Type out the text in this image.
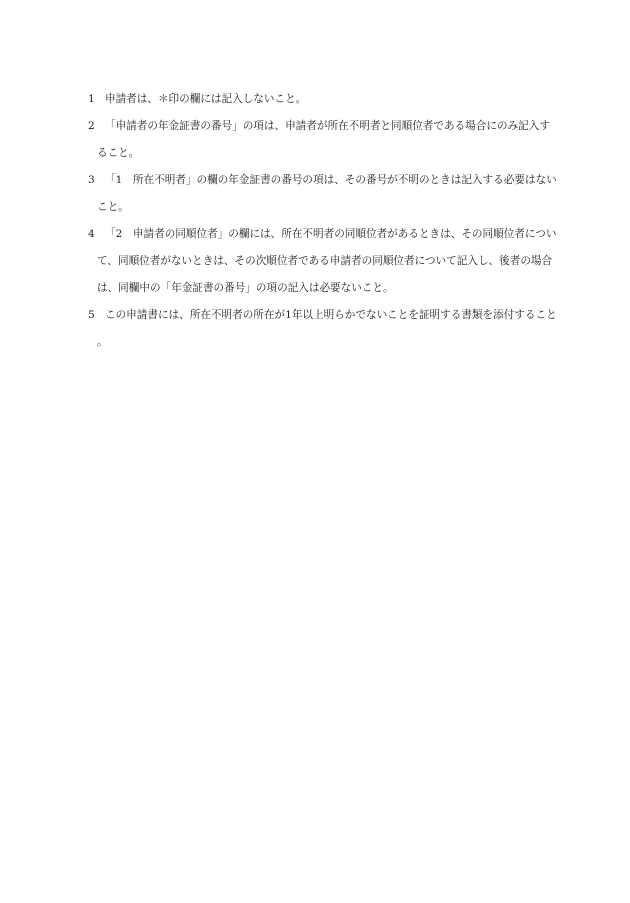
1 申請者は、＊印の欄には記入しないこと。
2 「申請者の年金証書の番号」の項は、申請者が所在不明者と同順位者である場合にのみ記入すること。
3 「1　所在不明者」の欄の年金証書の番号の項は、その番号が不明のときは記入する必要はないこと。
4 「2　申請者の同順位者」の欄には、所在不明者の同順位者があるときは、その同順位者について、同順位者がないときは、その次順位者である申請者の同順位者について記入し、後者の場合は、同欄中の「年金証書の番号」の項の記入は必要ないこと。
5 この申請書には、所在不明者の所在が1年以上明らかでないことを証明する書類を添付すること。
